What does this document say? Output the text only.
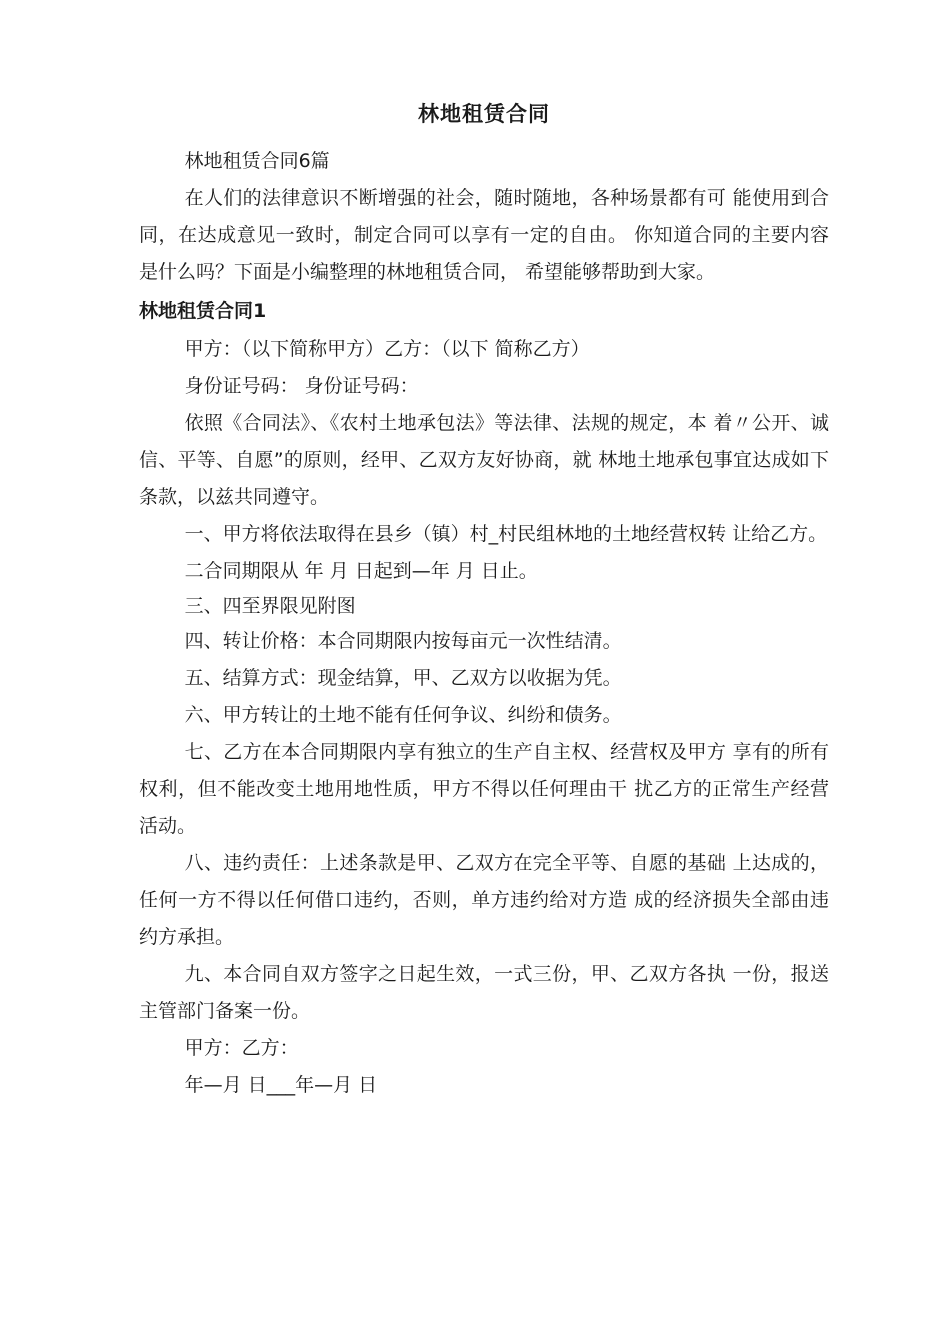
林地租赁合同

林地租赁合同6篇

在人们的法律意识不断增强的社会，随时随地，各种场景都有可 能使用到合同，在达成意见一致时，制定合同可以享有一定的自由。 你知道合同的主要内容是什么吗？下面是小编整理的林地租赁合同， 希望能够帮助到大家。

林地租赁合同1

甲方：（以下简称甲方）乙方：（以下 简称乙方）

身份证号码： 身份证号码：

依照《合同法》、《农村土地承包法》等法律、法规的规定，本 着〃公开、诚信、平等、自愿”的原则，经甲、乙双方友好协商，就 林地土地承包事宜达成如下条款，以兹共同遵守。

一、甲方将依法取得在县乡（镇）村_村民组林地的土地经营权转 让给乙方。

二合同期限从 年 月 日起到—年 月 日止。

三、四至界限见附图

四、转让价格：本合同期限内按每亩元一次性结清。

五、结算方式：现金结算，甲、乙双方以收据为凭。

六、甲方转让的土地不能有任何争议、纠纷和债务。

七、乙方在本合同期限内享有独立的生产自主权、经营权及甲方 享有的所有权利，但不能改变土地用地性质，甲方不得以任何理由干 扰乙方的正常生产经营活动。

八、违约责任：上述条款是甲、乙双方在完全平等、自愿的基础 上达成的，任何一方不得以任何借口违约，否则，单方违约给对方造 成的经济损失全部由违约方承担。

九、本合同自双方签字之日起生效，一式三份，甲、乙双方各执 一份，报送主管部门备案一份。

甲方：乙方：

年—月 日___年—月 日
